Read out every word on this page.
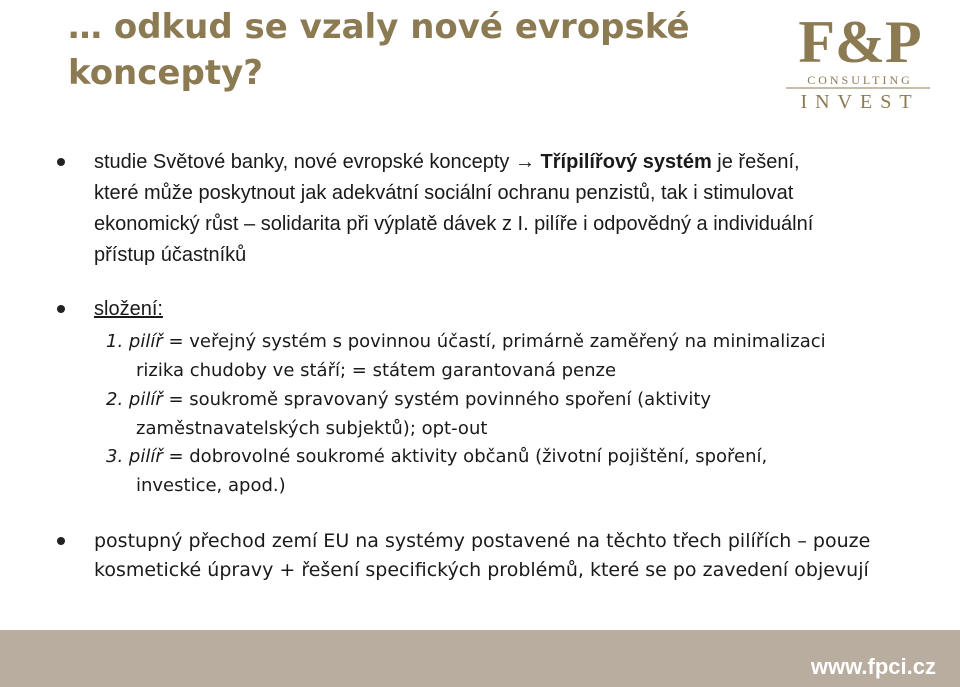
… odkud se vzaly nové evropské
koncepty?	F&P
CONSULTING
INVEST
studie Světové banky, nové evropské koncepty → Třípilířový systém je řešení,
které může poskytnout jak adekvátní sociální ochranu penzistů, tak i stimulovat
ekonomický růst – solidarita při výplatě dávek z I. pilíře i odpovědný a individuální
přístup účastníků
složení:
1. pilíř = veřejný systém s povinnou účastí, primárně zaměřený na minimalizaci
rizika chudoby ve stáří; = státem garantovaná penze
2. pilíř = soukromě spravovaný systém povinného spoření (aktivity
zaměstnavatelských subjektů); opt-out
3. pilíř = dobrovolné soukromé aktivity občanů (životní pojištění, spoření,
investice, apod.)
postupný přechod zemí EU na systémy postavené na těchto třech pilířích – pouze
kosmetické úpravy + řešení specifických problémů, které se po zavedení objevují
www.fpci.cz
